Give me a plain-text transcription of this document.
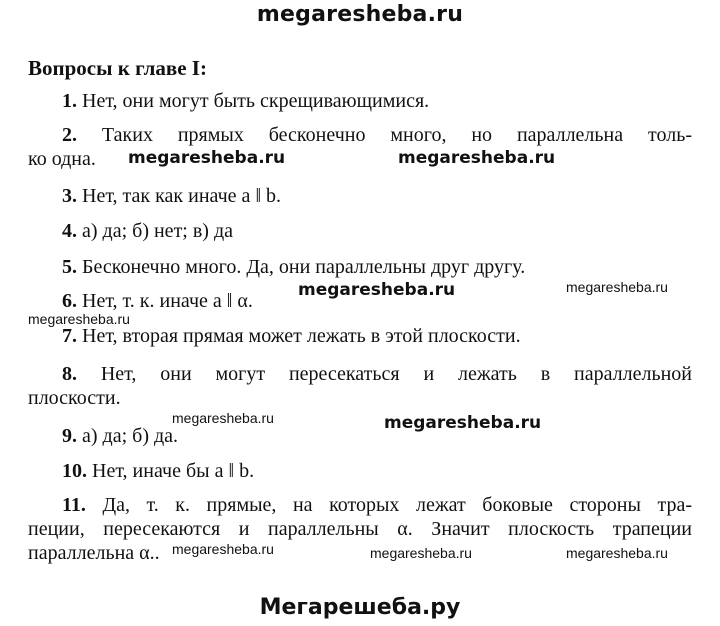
megaresheba.ru
Вопросы к главе I:
1. Нет, они могут быть скрещивающимися.
2. Таких прямых бесконечно много, но параллельна толь-
ко одна.
3. Нет, так как иначе a ‖ b.
4. а) да; б) нет; в) да
5. Бесконечно много. Да, они параллельны друг другу.
6. Нет, т. к. иначе a ‖ α.
7. Нет, вторая прямая может лежать в этой плоскости.
8. Нет, они могут пересекаться и лежать в параллельной
плоскости.
9. а) да; б) да.
10. Нет, иначе бы a ‖ b.
11. Да, т. к. прямые, на которых лежат боковые стороны тра-
пеции, пересекаются и параллельны α. Значит плоскость трапеции
параллельна α..
megaresheba.ru	megaresheba.ru
megaresheba.ru
megaresheba.ru
megaresheba.ru
megaresheba.ru
megaresheba.ru
megaresheba.ru	megaresheba.ru	megaresheba.ru
Мегарешеба.ру
